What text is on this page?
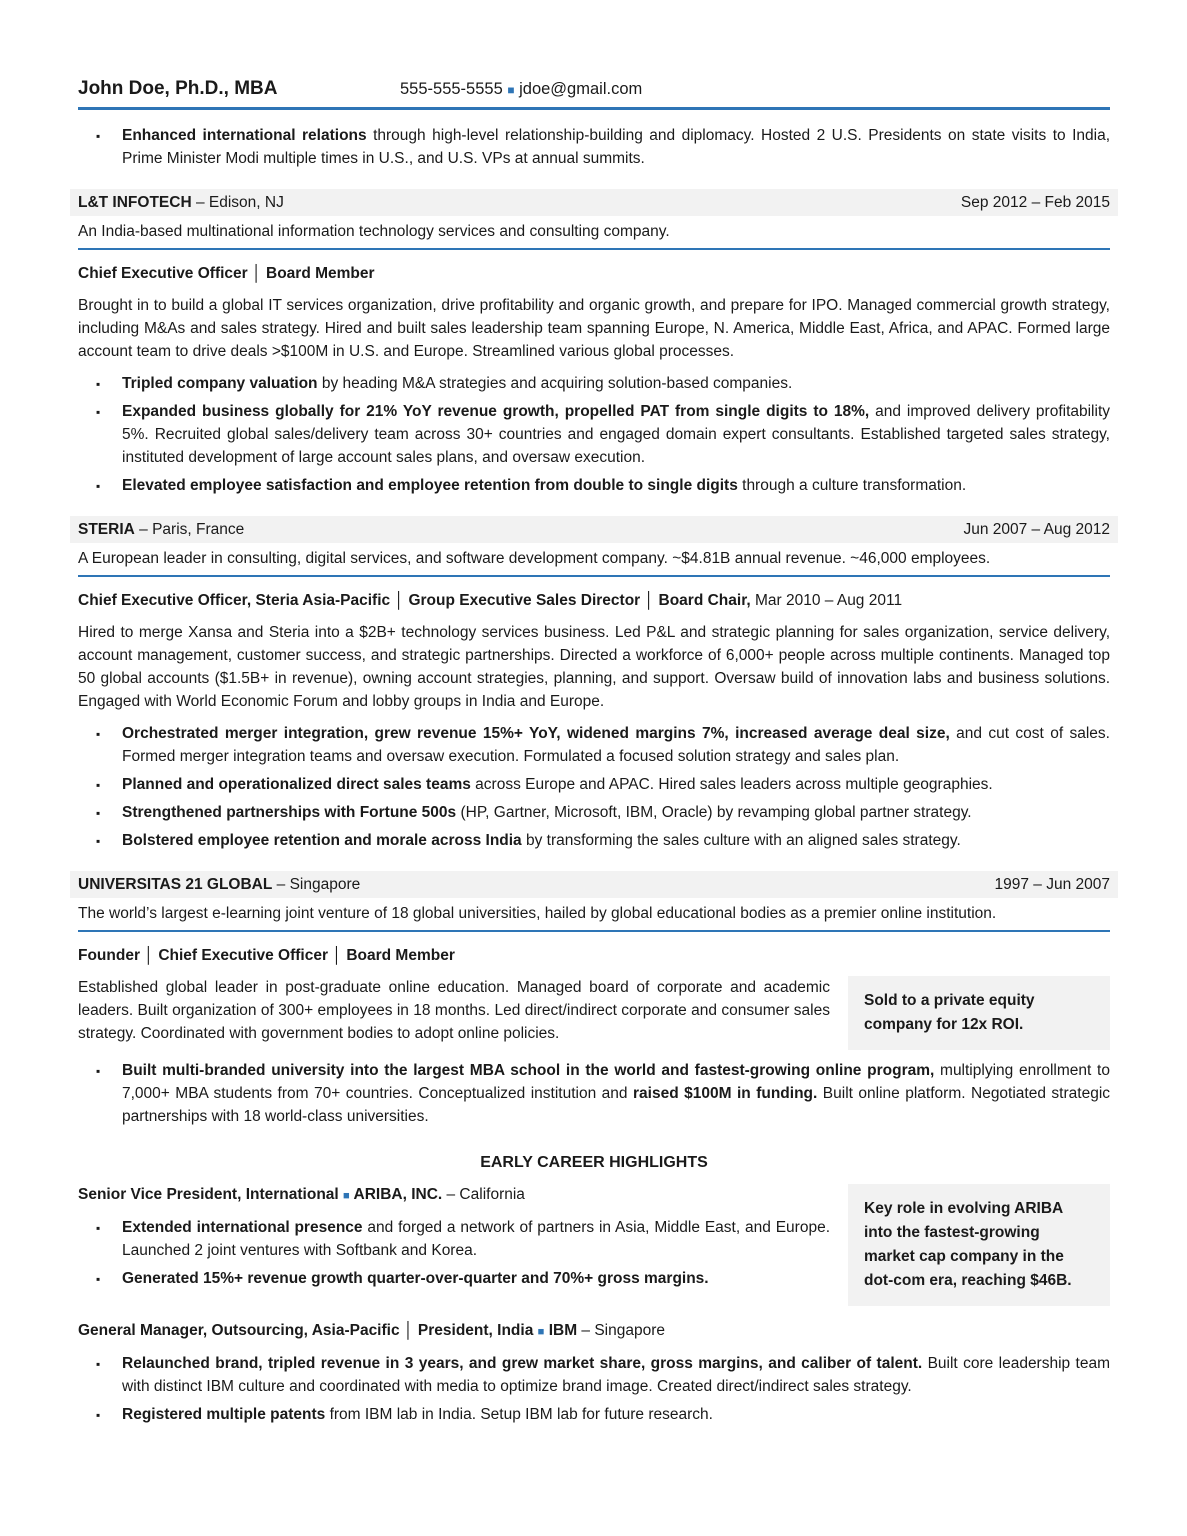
John Doe, Ph.D., MBA	555-555-5555 ■ jdoe@gmail.com
▪ Enhanced international relations through high-level relationship-building and diplomacy. Hosted 2 U.S. Presidents on state visits to India, Prime Minister Modi multiple times in U.S., and U.S. VPs at annual summits.
L&T INFOTECH – Edison, NJ	Sep 2012 – Feb 2015

An India-based multinational information technology services and consulting company.

Chief Executive Officer │ Board Member

Brought in to build a global IT services organization, drive profitability and organic growth, and prepare for IPO. Managed commercial growth strategy, including M&As and sales strategy. Hired and built sales leadership team spanning Europe, N. America, Middle East, Africa, and APAC. Formed large account team to drive deals >$100M in U.S. and Europe. Streamlined various global processes.

▪ Tripled company valuation by heading M&A strategies and acquiring solution-based companies.
▪ Expanded business globally for 21% YoY revenue growth, propelled PAT from single digits to 18%, and improved delivery profitability 5%. Recruited global sales/delivery team across 30+ countries and engaged domain expert consultants. Established targeted sales strategy, instituted development of large account sales plans, and oversaw execution.
▪ Elevated employee satisfaction and employee retention from double to single digits through a culture transformation.
STERIA – Paris, France	Jun 2007 – Aug 2012

A European leader in consulting, digital services, and software development company. ~$4.81B annual revenue. ~46,000 employees.

Chief Executive Officer, Steria Asia-Pacific │ Group Executive Sales Director │ Board Chair, Mar 2010 – Aug 2011

Hired to merge Xansa and Steria into a $2B+ technology services business. Led P&L and strategic planning for sales organization, service delivery, account management, customer success, and strategic partnerships. Directed a workforce of 6,000+ people across multiple continents. Managed top 50 global accounts ($1.5B+ in revenue), owning account strategies, planning, and support. Oversaw build of innovation labs and business solutions. Engaged with World Economic Forum and lobby groups in India and Europe.

▪ Orchestrated merger integration, grew revenue 15%+ YoY, widened margins 7%, increased average deal size, and cut cost of sales. Formed merger integration teams and oversaw execution. Formulated a focused solution strategy and sales plan.
▪ Planned and operationalized direct sales teams across Europe and APAC. Hired sales leaders across multiple geographies.
▪ Strengthened partnerships with Fortune 500s (HP, Gartner, Microsoft, IBM, Oracle) by revamping global partner strategy.
▪ Bolstered employee retention and morale across India by transforming the sales culture with an aligned sales strategy.
UNIVERSITAS 21 GLOBAL – Singapore	1997 – Jun 2007

The world’s largest e-learning joint venture of 18 global universities, hailed by global educational bodies as a premier online institution.

Founder │ Chief Executive Officer │ Board Member

Established global leader in post-graduate online education. Managed board of corporate and academic leaders. Built organization of 300+ employees in 18 months. Led direct/indirect corporate and consumer sales strategy. Coordinated with government bodies to adopt online policies.

Sold to a private equity company for 12x ROI.
▪ Built multi-branded university into the largest MBA school in the world and fastest-growing online program, multiplying enrollment to 7,000+ MBA students from 70+ countries. Conceptualized institution and raised $100M in funding. Built online platform. Negotiated strategic partnerships with 18 world-class universities.
EARLY CAREER HIGHLIGHTS
Senior Vice President, International ■ ARIBA, INC. – California
▪ Extended international presence and forged a network of partners in Asia, Middle East, and Europe. Launched 2 joint ventures with Softbank and Korea.
▪ Generated 15%+ revenue growth quarter-over-quarter and 70%+ gross margins.
Key role in evolving ARIBA into the fastest-growing market cap company in the dot-com era, reaching $46B.
General Manager, Outsourcing, Asia-Pacific │ President, India ■ IBM – Singapore
▪ Relaunched brand, tripled revenue in 3 years, and grew market share, gross margins, and caliber of talent. Built core leadership team with distinct IBM culture and coordinated with media to optimize brand image. Created direct/indirect sales strategy.
▪ Registered multiple patents from IBM lab in India. Setup IBM lab for future research.
